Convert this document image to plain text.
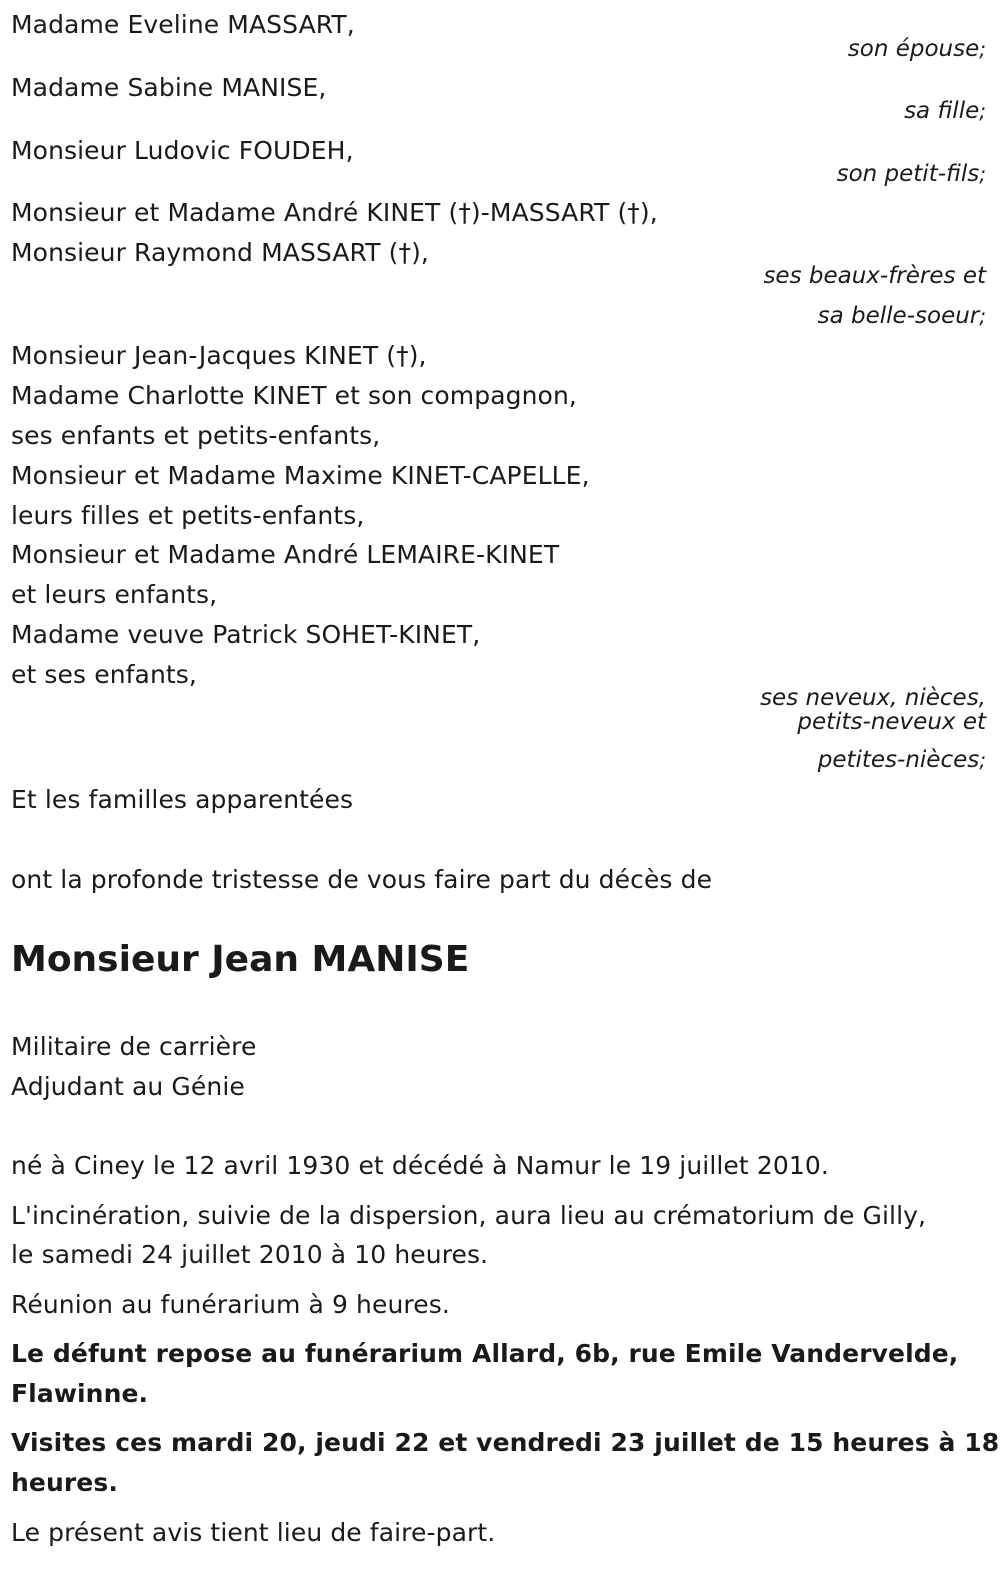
Madame Eveline MASSART,
son épouse;
Madame Sabine MANISE,
sa fille;
Monsieur Ludovic FOUDEH,
son petit-fils;
Monsieur et Madame André KINET (†)-MASSART (†),
Monsieur Raymond MASSART (†),
ses beaux-frères et
sa belle-soeur;
Monsieur Jean-Jacques KINET (†),
Madame Charlotte KINET et son compagnon,
ses enfants et petits-enfants,
Monsieur et Madame Maxime KINET-CAPELLE,
leurs filles et petits-enfants,
Monsieur et Madame André LEMAIRE-KINET
et leurs enfants,
Madame veuve Patrick SOHET-KINET,
et ses enfants,
ses neveux, nièces,
petits-neveux et
petites-nièces;
Et les familles apparentées
ont la profonde tristesse de vous faire part du décès de
Monsieur Jean MANISE
Militaire de carrière
Adjudant au Génie
né à Ciney le 12 avril 1930 et décédé à Namur le 19 juillet 2010.
L'incinération, suivie de la dispersion, aura lieu au crématorium de Gilly,
le samedi 24 juillet 2010 à 10 heures.
Réunion au funérarium à 9 heures.
Le défunt repose au funérarium Allard, 6b, rue Emile Vandervelde,
Flawinne.
Visites ces mardi 20, jeudi 22 et vendredi 23 juillet de 15 heures à 18
heures.
Le présent avis tient lieu de faire-part.
